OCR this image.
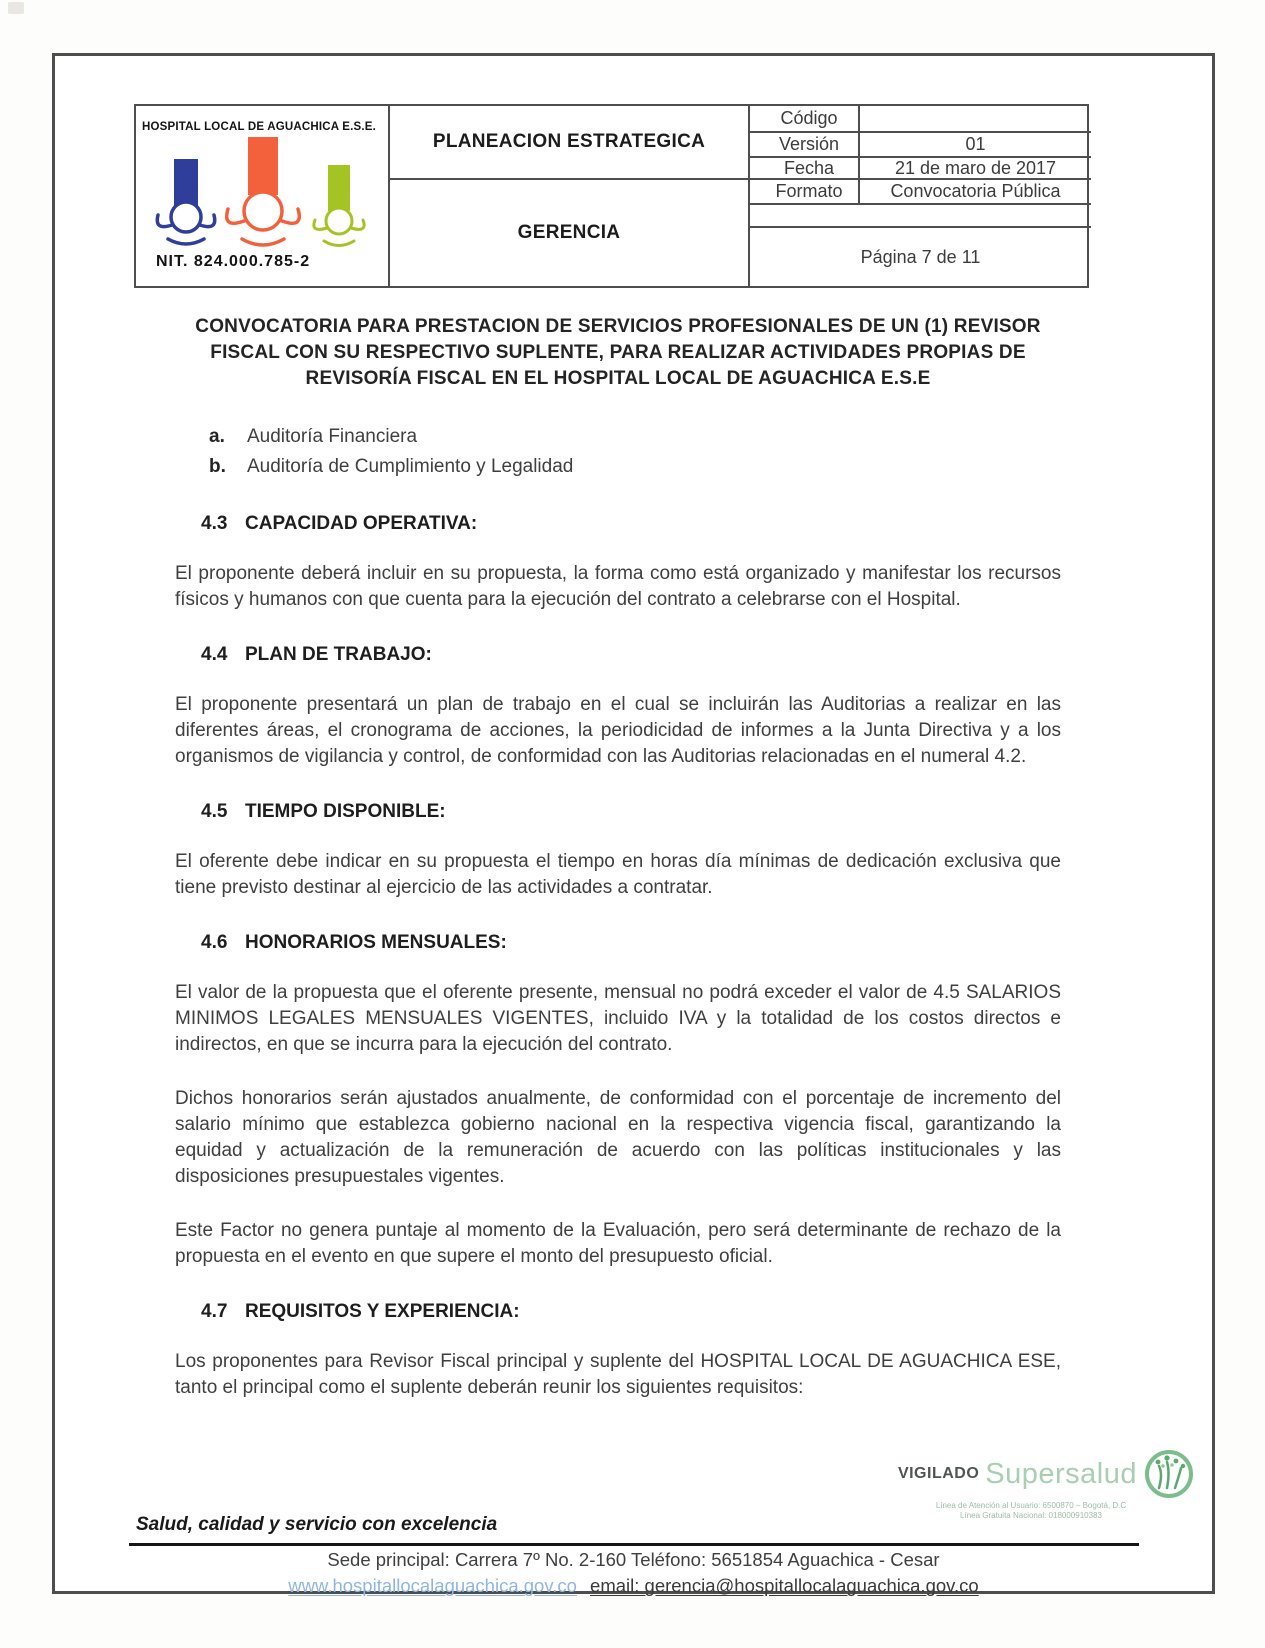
HOSPITAL LOCAL DE AGUACHICA E.S.E.
NIT. 824.000.785-2
PLANEACION ESTRATEGICA
GERENCIA
Código
Versión	01
Fecha	21 de maro de 2017
Formato	Convocatoria Pública
Página 7 de 11
CONVOCATORIA PARA PRESTACION DE SERVICIOS PROFESIONALES DE UN (1) REVISOR FISCAL CON SU RESPECTIVO SUPLENTE, PARA REALIZAR ACTIVIDADES PROPIAS DE REVISORÍA FISCAL EN EL HOSPITAL LOCAL DE AGUACHICA E.S.E
a.	Auditoría Financiera
b.	Auditoría de Cumplimiento y Legalidad
4.3 CAPACIDAD OPERATIVA:

El proponente deberá incluir en su propuesta, la forma como está organizado y manifestar los recursos físicos y humanos con que cuenta para la ejecución del contrato a celebrarse con el Hospital.

4.4 PLAN DE TRABAJO:

El proponente presentará un plan de trabajo en el cual se incluirán las Auditorias a realizar en las diferentes áreas, el cronograma de acciones, la periodicidad de informes a la Junta Directiva y a los organismos de vigilancia y control, de conformidad con las Auditorias relacionadas en el numeral 4.2.

4.5 TIEMPO DISPONIBLE:

El oferente debe indicar en su propuesta el tiempo en horas día mínimas de dedicación exclusiva que tiene previsto destinar al ejercicio de las actividades a contratar.

4.6 HONORARIOS MENSUALES:

El valor de la propuesta que el oferente presente, mensual no podrá exceder el valor de 4.5 SALARIOS MINIMOS LEGALES MENSUALES VIGENTES, incluido IVA y la totalidad de los costos directos e indirectos, en que se incurra para la ejecución del contrato.

Dichos honorarios serán ajustados anualmente, de conformidad con el porcentaje de incremento del salario mínimo que establezca gobierno nacional en la respectiva vigencia fiscal, garantizando la equidad y actualización de la remuneración de acuerdo con las políticas institucionales y las disposiciones presupuestales vigentes.

Este Factor no genera puntaje al momento de la Evaluación, pero será determinante de rechazo de la propuesta en el evento en que supere el monto del presupuesto oficial.

4.7 REQUISITOS Y EXPERIENCIA:

Los proponentes para Revisor Fiscal principal y suplente del HOSPITAL LOCAL DE AGUACHICA ESE, tanto el principal como el suplente deberán reunir los siguientes requisitos:

VIGILADO Supersalud
Línea de Atención al Usuario: 6500870 – Bogotá, D.C
Línea Gratuita Nacional: 018000910383
Salud, calidad y servicio con excelencia
Sede principal: Carrera 7º No. 2-160 Teléfono: 5651854 Aguachica - Cesar
www.hospitallocalaguachica.gov.co email: gerencia@hospitallocalaguachica.gov.co
